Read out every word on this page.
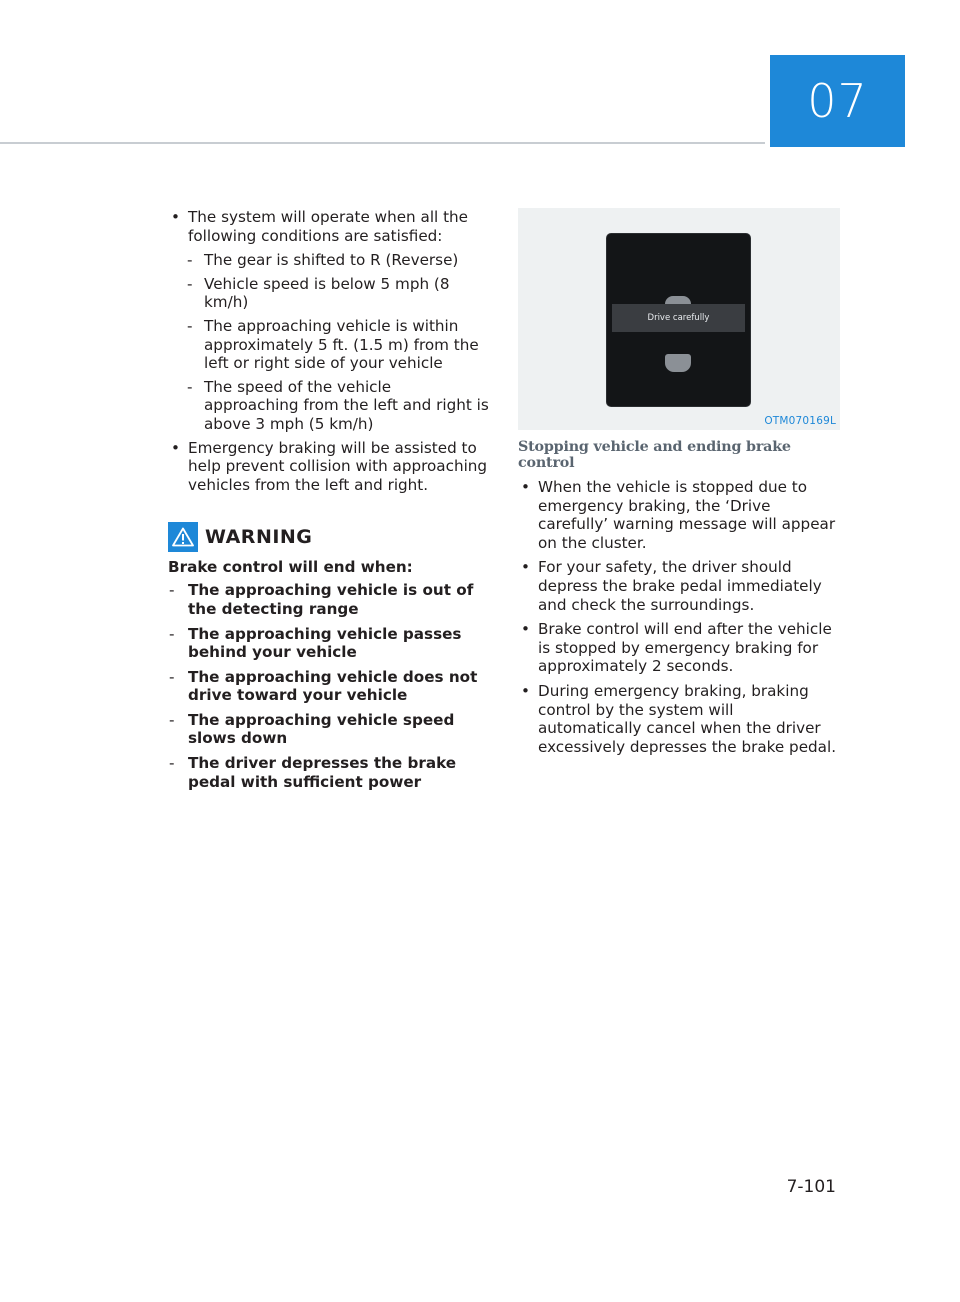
07
• The system will operate when all the following conditions are satisfied:
- The gear is shifted to R (Reverse)
- Vehicle speed is below 5 mph (8 km/h)
- The approaching vehicle is within approximately 5 ft. (1.5 m) from the left or right side of your vehicle
- The speed of the vehicle approaching from the left and right is above 3 mph (5 km/h)
• Emergency braking will be assisted to help prevent collision with approaching vehicles from the left and right.
WARNING
Brake control will end when:
- The approaching vehicle is out of the detecting range
- The approaching vehicle passes behind your vehicle
- The approaching vehicle does not drive toward your vehicle
- The approaching vehicle speed slows down
- The driver depresses the brake pedal with sufficient power
Drive carefully
OTM070169L
Stopping vehicle and ending brake control
• When the vehicle is stopped due to emergency braking, the ‘Drive carefully’ warning message will appear on the cluster.
• For your safety, the driver should depress the brake pedal immediately and check the surroundings.
• Brake control will end after the vehicle is stopped by emergency braking for approximately 2 seconds.
• During emergency braking, braking control by the system will automatically cancel when the driver excessively depresses the brake pedal.
7-101
